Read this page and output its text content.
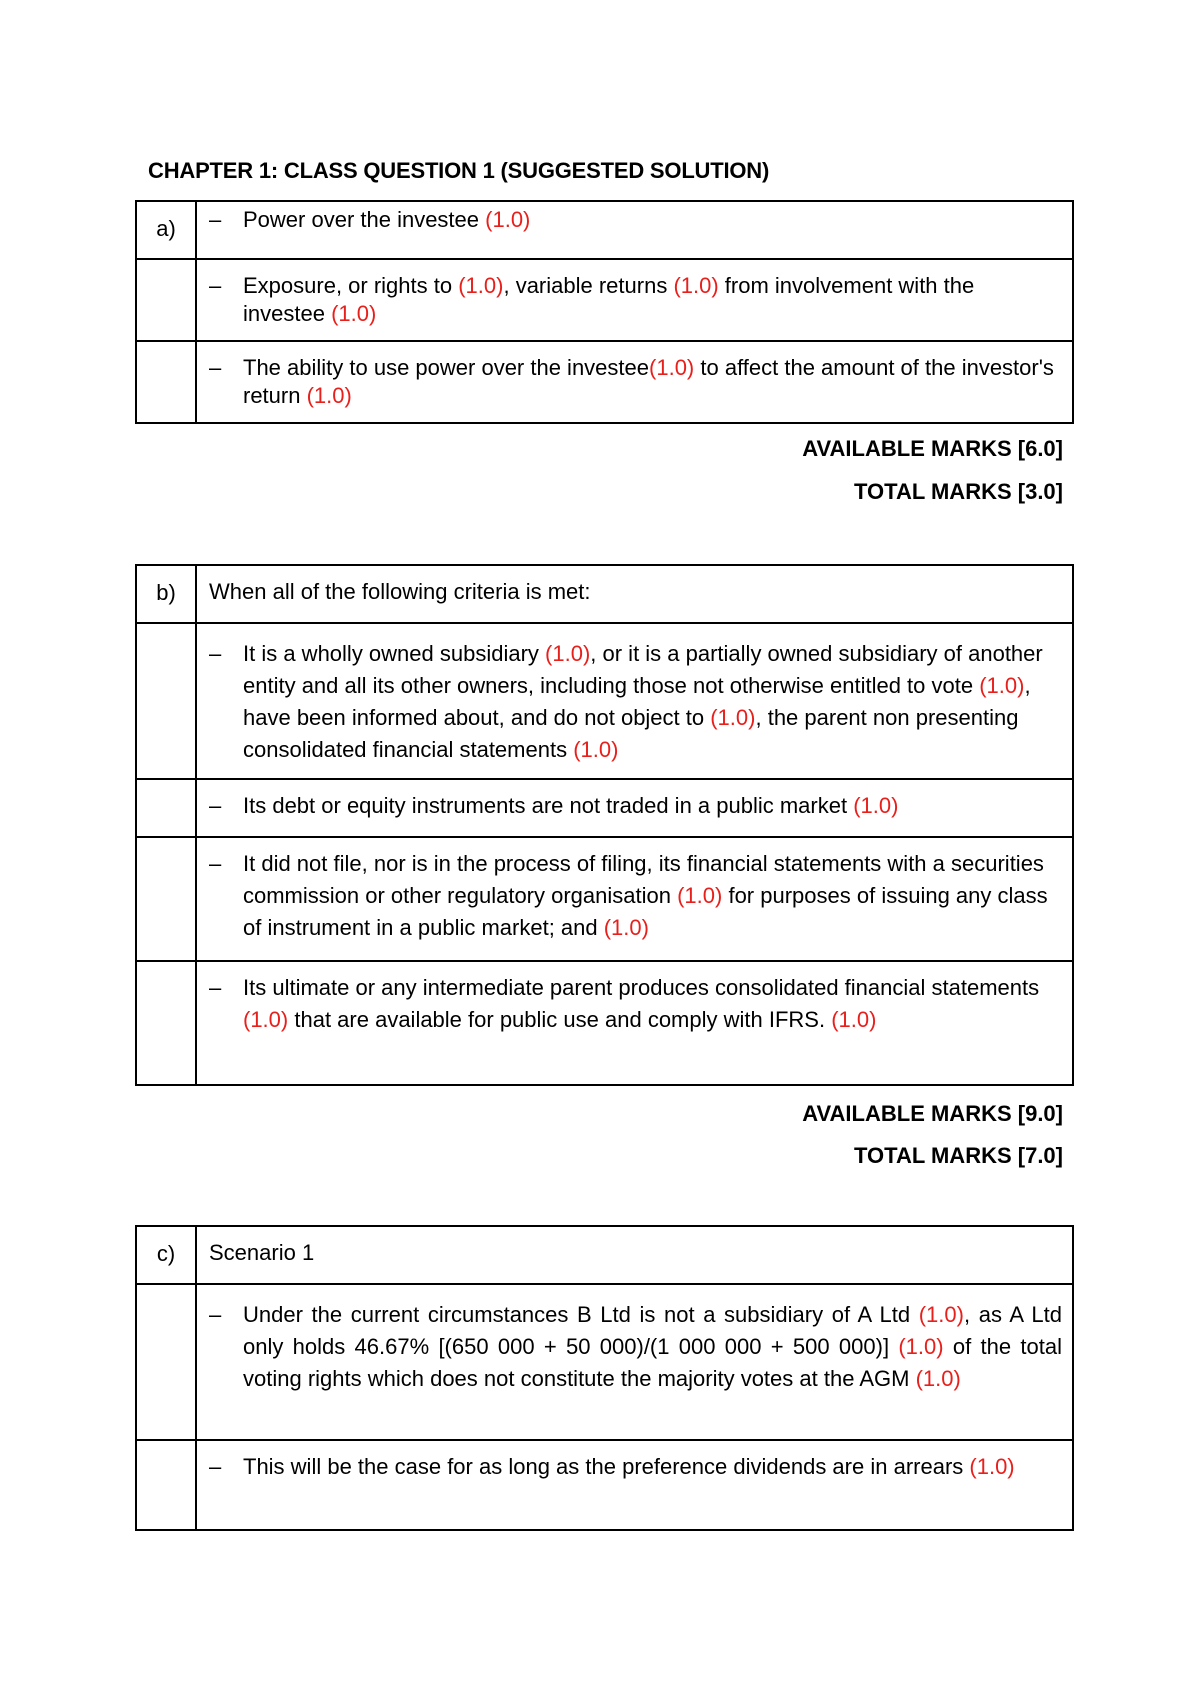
CHAPTER 1: CLASS QUESTION 1 (SUGGESTED SOLUTION)
a)	– Power over the investee (1.0)

	– Exposure, or rights to (1.0), variable returns (1.0) from involvement with the investee (1.0)

	– The ability to use power over the investee(1.0) to affect the amount of the investor's return (1.0)
AVAILABLE MARKS [6.0]
TOTAL MARKS [3.0]
b)	When all of the following criteria is met:

	– It is a wholly owned subsidiary (1.0), or it is a partially owned subsidiary of another entity and all its other owners, including those not otherwise entitled to vote (1.0), have been informed about, and do not object to (1.0), the parent non presenting consolidated financial statements (1.0)

	– Its debt or equity instruments are not traded in a public market (1.0)

	– It did not file, nor is in the process of filing, its financial statements with a securities commission or other regulatory organisation (1.0) for purposes of issuing any class of instrument in a public market; and (1.0)

	– Its ultimate or any intermediate parent produces consolidated financial statements (1.0) that are available for public use and comply with IFRS. (1.0)
AVAILABLE MARKS [9.0]
TOTAL MARKS [7.0]
c)	Scenario 1

	– Under the current circumstances B Ltd is not a subsidiary of A Ltd (1.0), as A Ltd only holds 46.67% [(650 000 + 50 000)/(1 000 000 + 500 000)] (1.0) of the total voting rights which does not constitute the majority votes at the AGM (1.0)

	– This will be the case for as long as the preference dividends are in arrears (1.0)
